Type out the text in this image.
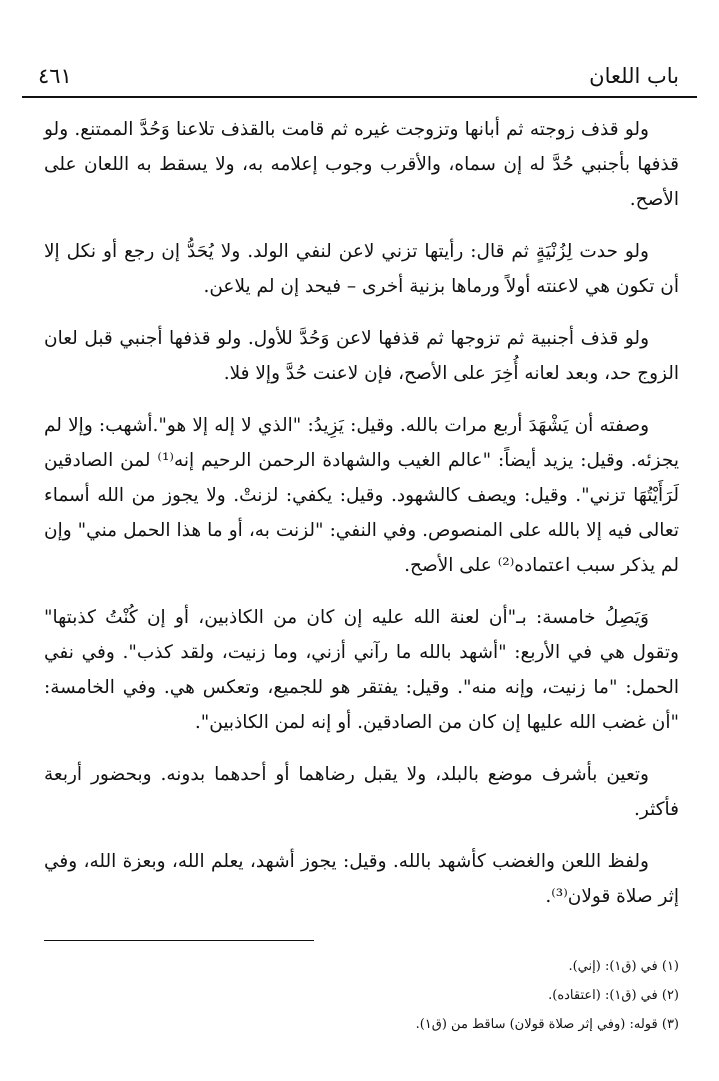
باب اللعان
٤٦١

ولو قذف زوجته ثم أبانها وتزوجت غيره ثم قامت بالقذف تلاعنا وَحُدَّ الممتنع. ولو قذفها بأجنبي حُدَّ له إن سماه، والأقرب وجوب إعلامه به، ولا يسقط به اللعان على الأصح.

ولو حدت لِزُنْيَةٍ ثم قال: رأيتها تزني لاعن لنفي الولد. ولا يُحَدُّ إن رجع أو نكل إلا أن تكون هي لاعنته أولاً ورماها بزنية أخرى – فيحد إن لم يلاعن.

ولو قذف أجنبية ثم تزوجها ثم قذفها لاعن وَحُدَّ للأول. ولو قذفها أجنبي قبل لعان الزوج حد، وبعد لعانه أُخِرَ على الأصح، فإن لاعنت حُدَّ وإلا فلا.

وصفته أن يَشْهَدَ أربع مرات بالله. وقيل: يَزِيدُ: "الذي لا إله إلا هو".أشهب: وإلا لم يجزئه. وقيل: يزيد أيضاً: "عالم الغيب والشهادة الرحمن الرحيم إنه⁽¹⁾ لمن الصادقين لَرَأَيْتُهَا تزني". وقيل: ويصف كالشهود. وقيل: يكفي: لزنتْ. ولا يجوز من الله أسماء تعالى فيه إلا بالله على المنصوص. وفي النفي: "لزنت به، أو ما هذا الحمل مني" وإن لم يذكر سبب اعتماده⁽²⁾ على الأصح.

وَيَصِلُ خامسة: بـ"أن لعنة الله عليه إن كان من الكاذبين، أو إن كُنْتُ كذبتها" وتقول هي في الأربع: "أشهد بالله ما رآني أزني، وما زنيت، ولقد كذب". وفي نفي الحمل: "ما زنيت، وإنه منه". وقيل: يفتقر هو للجميع، وتعكس هي. وفي الخامسة: "أن غضب الله عليها إن كان من الصادقين. أو إنه لمن الكاذبين".

وتعين بأشرف موضع بالبلد، ولا يقبل رضاهما أو أحدهما بدونه. وبحضور أربعة فأكثر.

ولفظ اللعن والغضب كأشهد بالله. وقيل: يجوز أشهد، يعلم الله، وبعزة الله، وفي إثر صلاة قولان⁽³⁾.

(١) في (ق١): (إني).
(٢) في (ق١): (اعتقاده).
(٣) قوله: (وفي إثر صلاة قولان) ساقط من (ق١).
